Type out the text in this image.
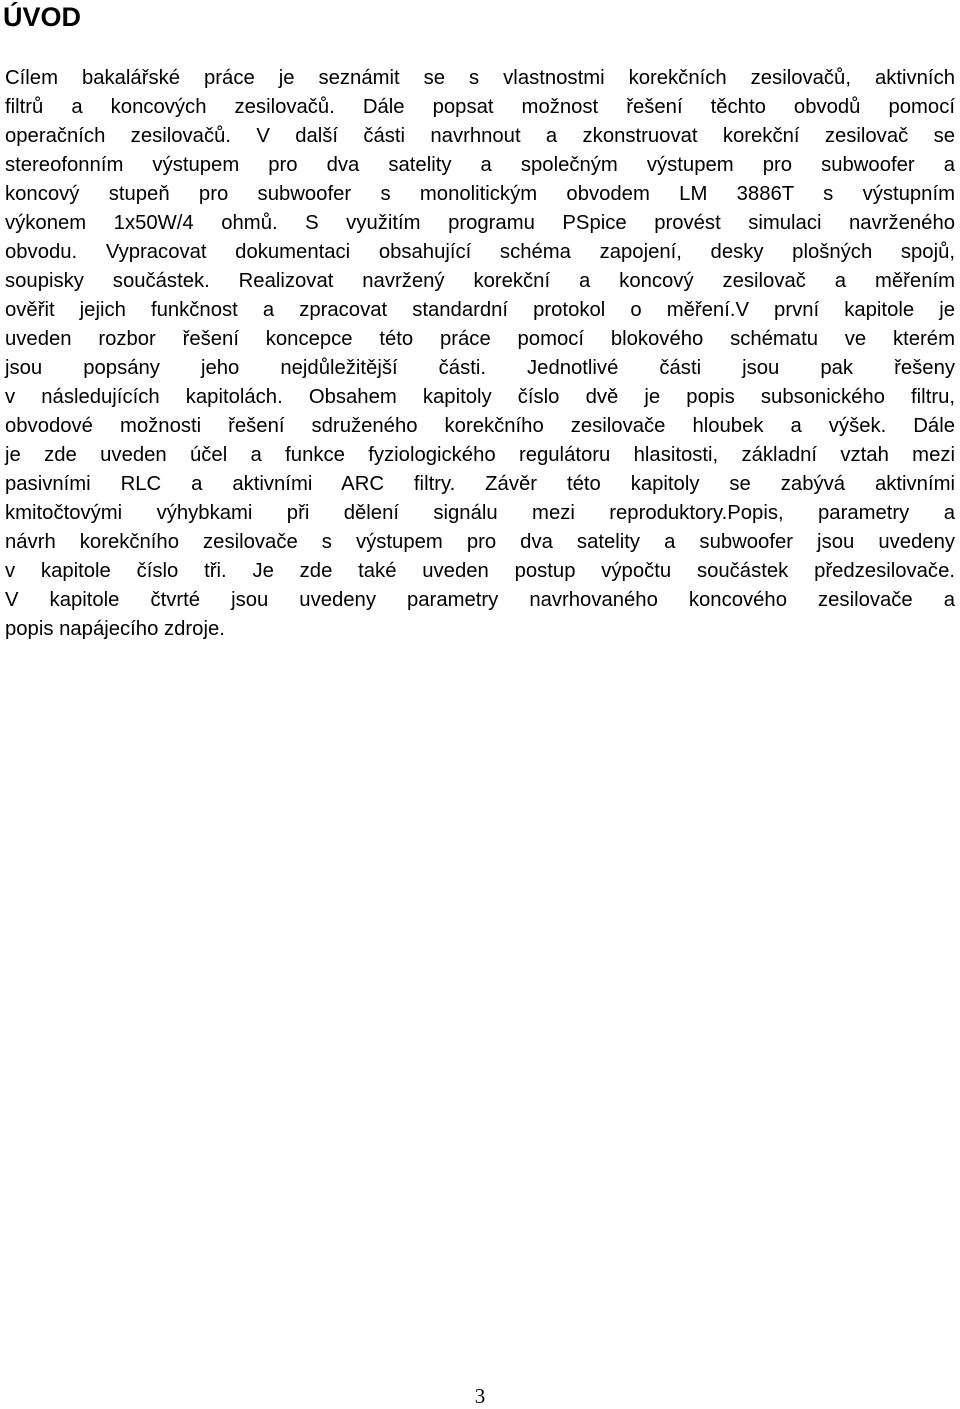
ÚVOD
Cílem bakalářské práce je seznámit se s vlastnostmi korekčních zesilovačů, aktivních
filtrů a koncových zesilovačů. Dále popsat možnost řešení těchto obvodů pomocí
operačních zesilovačů. V další části navrhnout a zkonstruovat korekční zesilovač se
stereofonním výstupem pro dva satelity a společným výstupem pro subwoofer a
koncový stupeň pro subwoofer s monolitickým obvodem LM 3886T s výstupním
výkonem 1x50W/4 ohmů. S využitím programu PSpice provést simulaci navrženého
obvodu. Vypracovat dokumentaci obsahující schéma zapojení, desky plošných spojů,
soupisky součástek. Realizovat navržený korekční a koncový zesilovač a měřením
ověřit jejich funkčnost a zpracovat standardní protokol o měření.V první kapitole je
uveden rozbor řešení koncepce této práce pomocí blokového schématu ve kterém
jsou popsány jeho nejdůležitější části. Jednotlivé části jsou pak řešeny
v následujících kapitolách. Obsahem kapitoly číslo dvě je popis subsonického filtru,
obvodové možnosti řešení sdruženého korekčního zesilovače hloubek a výšek. Dále
je zde uveden účel a funkce fyziologického regulátoru hlasitosti, základní vztah mezi
pasivními RLC a aktivními ARC filtry. Závěr této kapitoly se zabývá aktivními
kmitočtovými výhybkami při dělení signálu mezi reproduktory.Popis, parametry a
návrh korekčního zesilovače s výstupem pro dva satelity a subwoofer jsou uvedeny
v kapitole číslo tři. Je zde také uveden postup výpočtu součástek předzesilovače.
V kapitole čtvrté jsou uvedeny parametry navrhovaného koncového zesilovače a
popis napájecího zdroje.
3
